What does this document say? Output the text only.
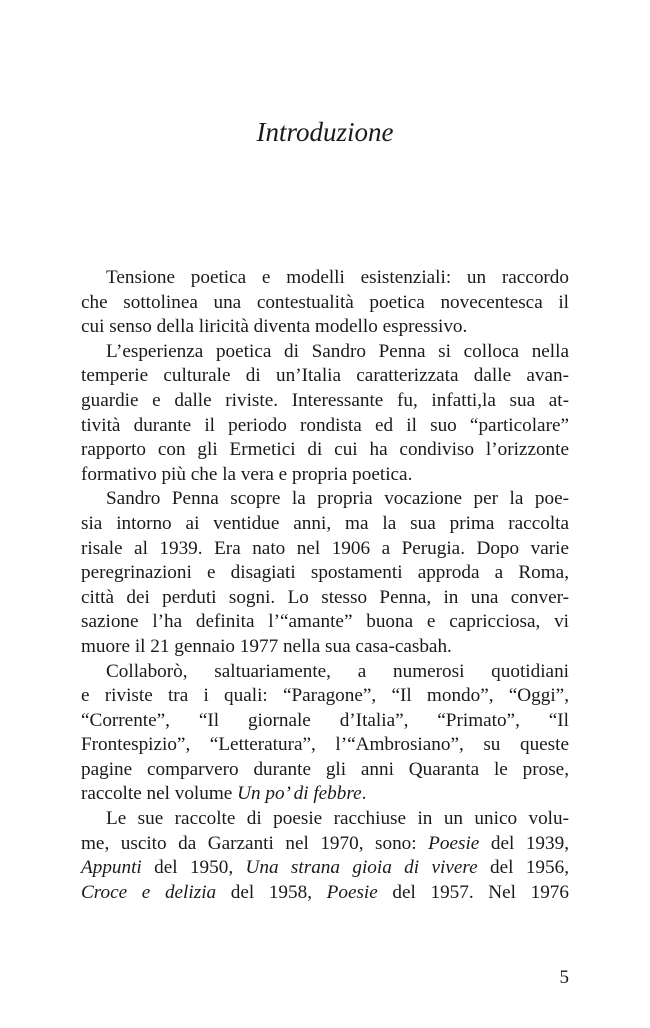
Introduzione

Tensione poetica e modelli esistenziali: un raccordo
che sottolinea una contestualità poetica novecentesca il
cui senso della liricità diventa modello espressivo.

L’esperienza poetica di Sandro Penna si colloca nella
temperie culturale di un’Italia caratterizzata dalle avan-
guardie e dalle riviste. Interessante fu, infatti,la sua at-
tività durante il periodo rondista ed il suo “particolare”
rapporto con gli Ermetici di cui ha condiviso l’orizzonte
formativo più che la vera e propria poetica.

Sandro Penna scopre la propria vocazione per la poe-
sia intorno ai ventidue anni, ma la sua prima raccolta
risale al 1939. Era nato nel 1906 a Perugia. Dopo varie
peregrinazioni e disagiati spostamenti approda a Roma,
città dei perduti sogni. Lo stesso Penna, in una conver-
sazione l’ha definita l’“amante” buona e capricciosa, vi
muore il 21 gennaio 1977 nella sua casa-casbah.

Collaborò, saltuariamente, a numerosi quotidiani
e riviste tra i quali: “Paragone”, “Il mondo”, “Oggi”,
“Corrente”, “Il giornale d’Italia”, “Primato”, “Il
Frontespizio”, “Letteratura”, l’“Ambrosiano”, su queste
pagine comparvero durante gli anni Quaranta le prose,
raccolte nel volume Un po’ di febbre.

Le sue raccolte di poesie racchiuse in un unico volu-
me, uscito da Garzanti nel 1970, sono: Poesie del 1939,
Appunti del 1950, Una strana gioia di vivere del 1956,
Croce e delizia del 1958, Poesie del 1957. Nel 1976

5
